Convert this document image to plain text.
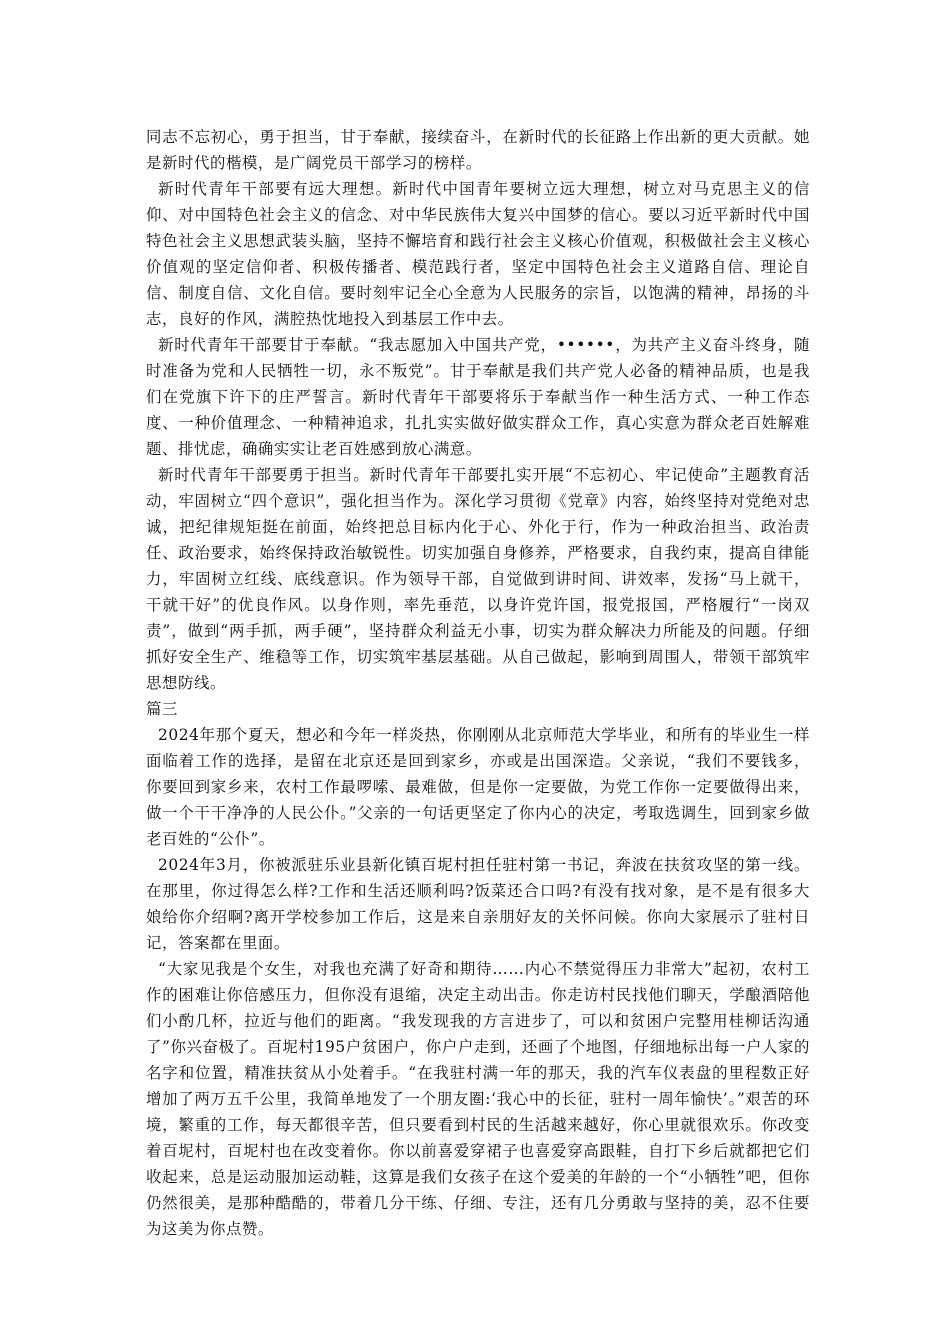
同志不忘初心，勇于担当，甘于奉献，接续奋斗，在新时代的长征路上作出新的更大贡献。她是新时代的楷模，是广阔党员干部学习的榜样。

新时代青年干部要有远大理想。新时代中国青年要树立远大理想，树立对马克思主义的信仰、对中国特色社会主义的信念、对中华民族伟大复兴中国梦的信心。要以习近平新时代中国特色社会主义思想武装头脑，坚持不懈培育和践行社会主义核心价值观，积极做社会主义核心价值观的坚定信仰者、积极传播者、模范践行者，坚定中国特色社会主义道路自信、理论自信、制度自信、文化自信。要时刻牢记全心全意为人民服务的宗旨，以饱满的精神，昂扬的斗志，良好的作风，满腔热忱地投入到基层工作中去。

新时代青年干部要甘于奉献。“我志愿加入中国共产党，••••••，为共产主义奋斗终身，随时准备为党和人民牺牲一切，永不叛党”。甘于奉献是我们共产党人必备的精神品质，也是我们在党旗下许下的庄严誓言。新时代青年干部要将乐于奉献当作一种生活方式、一种工作态度、一种价值理念、一种精神追求，扎扎实实做好做实群众工作，真心实意为群众老百姓解难题、排忧虑，确确实实让老百姓感到放心满意。

新时代青年干部要勇于担当。新时代青年干部要扎实开展“不忘初心、牢记使命”主题教育活动，牢固树立“四个意识”，强化担当作为。深化学习贯彻《党章》内容，始终坚持对党绝对忠诚，把纪律规矩挺在前面，始终把总目标内化于心、外化于行，作为一种政治担当、政治责任、政治要求，始终保持政治敏锐性。切实加强自身修养，严格要求，自我约束，提高自律能力，牢固树立红线、底线意识。作为领导干部，自觉做到讲时间、讲效率，发扬“马上就干，干就干好”的优良作风。以身作则，率先垂范，以身许党许国，报党报国，严格履行“一岗双责”，做到“两手抓，两手硬”，坚持群众利益无小事，切实为群众解决力所能及的问题。仔细抓好安全生产、维稳等工作，切实筑牢基层基础。从自己做起，影响到周围人，带领干部筑牢思想防线。

篇三

2024年那个夏天，想必和今年一样炎热，你刚刚从北京师范大学毕业，和所有的毕业生一样面临着工作的选择，是留在北京还是回到家乡，亦或是出国深造。父亲说，“我们不要钱多，你要回到家乡来，农村工作最啰嗦、最难做，但是你一定要做，为党工作你一定要做得出来，做一个干干净净的人民公仆。”父亲的一句话更坚定了你内心的决定，考取选调生，回到家乡做老百姓的“公仆”。

2024年3月，你被派驻乐业县新化镇百坭村担任驻村第一书记，奔波在扶贫攻坚的第一线。在那里，你过得怎么样?工作和生活还顺利吗?饭菜还合口吗?有没有找对象，是不是有很多大娘给你介绍啊?离开学校参加工作后，这是来自亲朋好友的关怀问候。你向大家展示了驻村日记，答案都在里面。

“大家见我是个女生，对我也充满了好奇和期待……内心不禁觉得压力非常大”起初，农村工作的困难让你倍感压力，但你没有退缩，决定主动出击。你走访村民找他们聊天，学酿酒陪他们小酌几杯，拉近与他们的距离。“我发现我的方言进步了，可以和贫困户完整用桂柳话沟通了”你兴奋极了。百坭村195户贫困户，你户户走到，还画了个地图，仔细地标出每一户人家的名字和位置，精准扶贫从小处着手。“在我驻村满一年的那天，我的汽车仪表盘的里程数正好增加了两万五千公里，我简单地发了一个朋友圈:‘我心中的长征，驻村一周年愉快’。”艰苦的环境，繁重的工作，每天都很辛苦，但只要看到村民的生活越来越好，你心里就很欢乐。你改变着百坭村，百坭村也在改变着你。你以前喜爱穿裙子也喜爱穿高跟鞋，自打下乡后就都把它们收起来，总是运动服加运动鞋，这算是我们女孩子在这个爱美的年龄的一个“小牺牲”吧，但你仍然很美，是那种酷酷的，带着几分干练、仔细、专注，还有几分勇敢与坚持的美，忍不住要为这美为你点赞。
